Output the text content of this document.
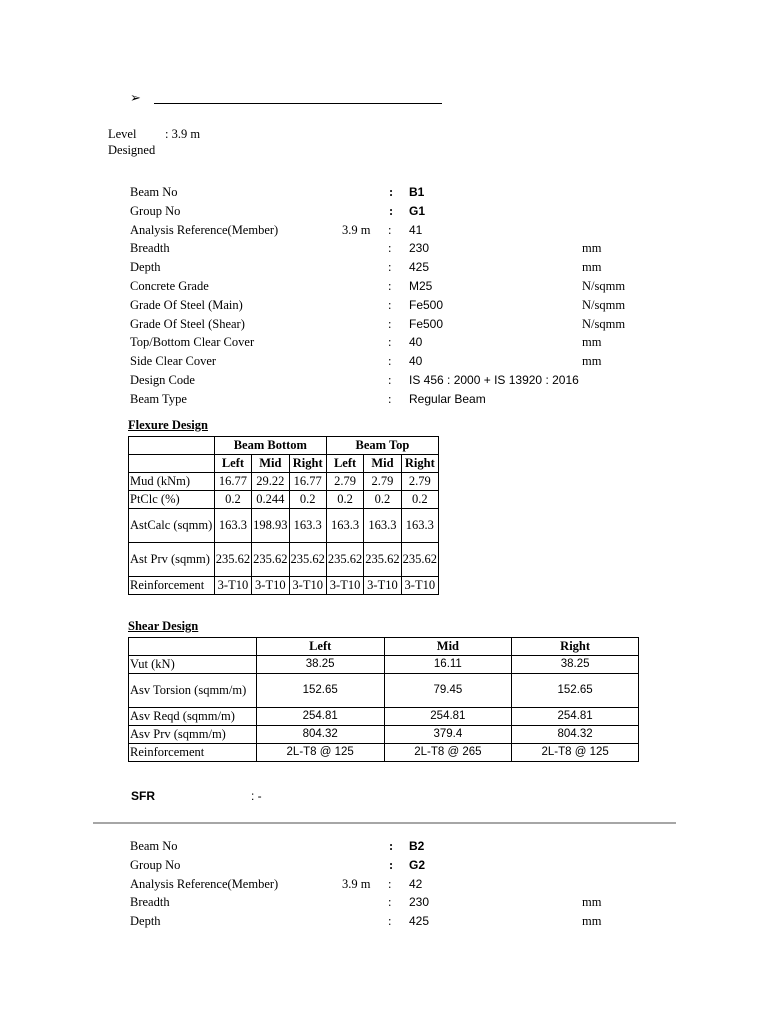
➢
Level : 3.9 m
Designed
Beam No	: B1
Group No	: G1
Analysis Reference(Member)	3.9 m : 41
Breadth	: 230	mm
Depth	: 425	mm
Concrete Grade	: M25	N/sqmm
Grade Of Steel (Main)	: Fe500	N/sqmm
Grade Of Steel (Shear)	: Fe500	N/sqmm
Top/Bottom Clear Cover	: 40	mm
Side Clear Cover	: 40	mm
Design Code	: IS 456 : 2000 + IS 13920 : 2016
Beam Type	: Regular Beam
Flexure Design
	Beam Bottom			Beam Top		
	Left	Mid	Right	Left	Mid	Right
Mud (kNm)	16.77	29.22	16.77	2.79	2.79	2.79
PtClc (%)	0.2	0.244	0.2	0.2	0.2	0.2
AstCalc (sqmm)	163.3	198.93	163.3	163.3	163.3	163.3
Ast Prv (sqmm)	235.62	235.62	235.62	235.62	235.62	235.62
Reinforcement	3-T10	3-T10	3-T10	3-T10	3-T10	3-T10
Shear Design
	Left	Mid	Right
Vut (kN)	38.25	16.11	38.25
Asv Torsion (sqmm/m)	152.65	79.45	152.65
Asv Reqd (sqmm/m)	254.81	254.81	254.81
Asv Prv (sqmm/m)	804.32	379.4	804.32
Reinforcement	2L-T8 @ 125	2L-T8 @ 265	2L-T8 @ 125
SFR	: -
Beam No	: B2
Group No	: G2
Analysis Reference(Member)	3.9 m : 42
Breadth	: 230	mm
Depth	: 425	mm
